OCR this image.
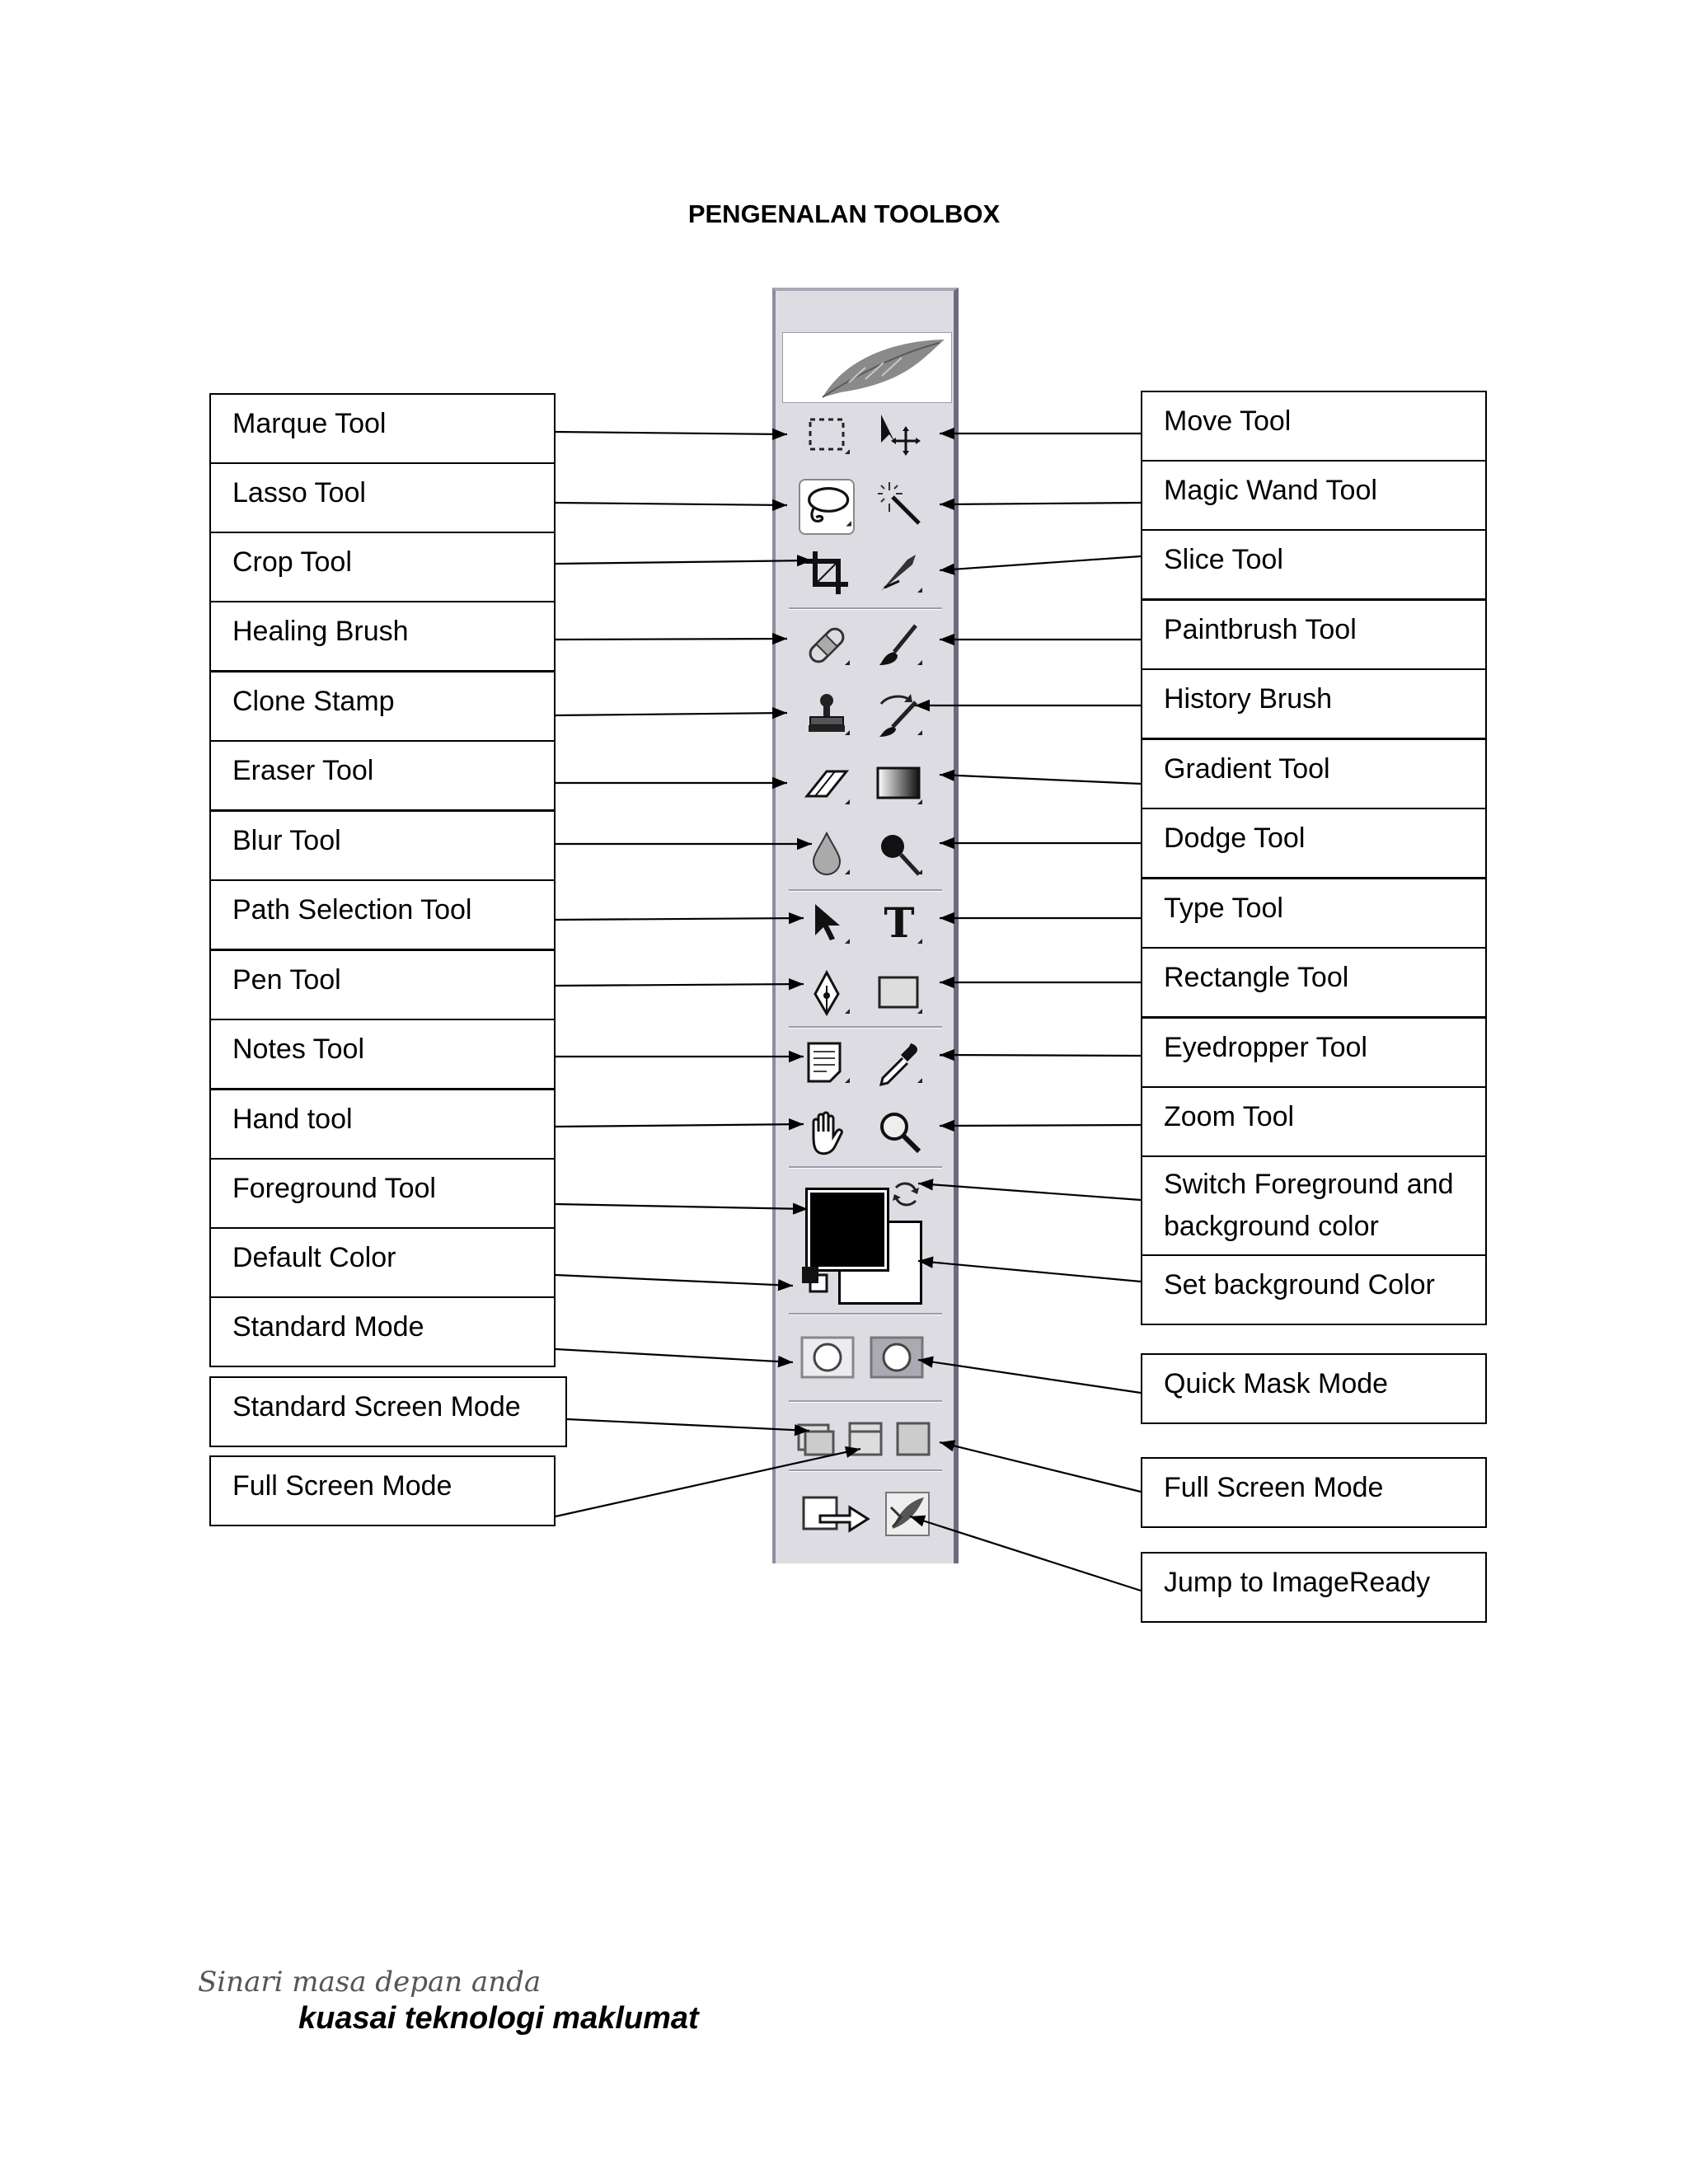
PENGENALAN TOOLBOX
Marque Tool
Lasso Tool
Crop Tool
Healing Brush
Clone Stamp
Eraser Tool
Blur Tool
Path Selection Tool
Pen Tool
Notes Tool
Hand tool
Foreground Tool
Default Color
Standard Mode
Standard Screen Mode
Full Screen Mode
Move Tool
Magic Wand Tool
Slice Tool
Paintbrush Tool
History Brush
Gradient Tool
Dodge Tool
Type Tool
Rectangle Tool
Eyedropper Tool
Zoom Tool
Switch Foreground and background color
Set background Color
Quick Mask Mode
Full Screen Mode
Jump to ImageReady
T
Sinari masa depan anda
kuasai teknologi maklumat
